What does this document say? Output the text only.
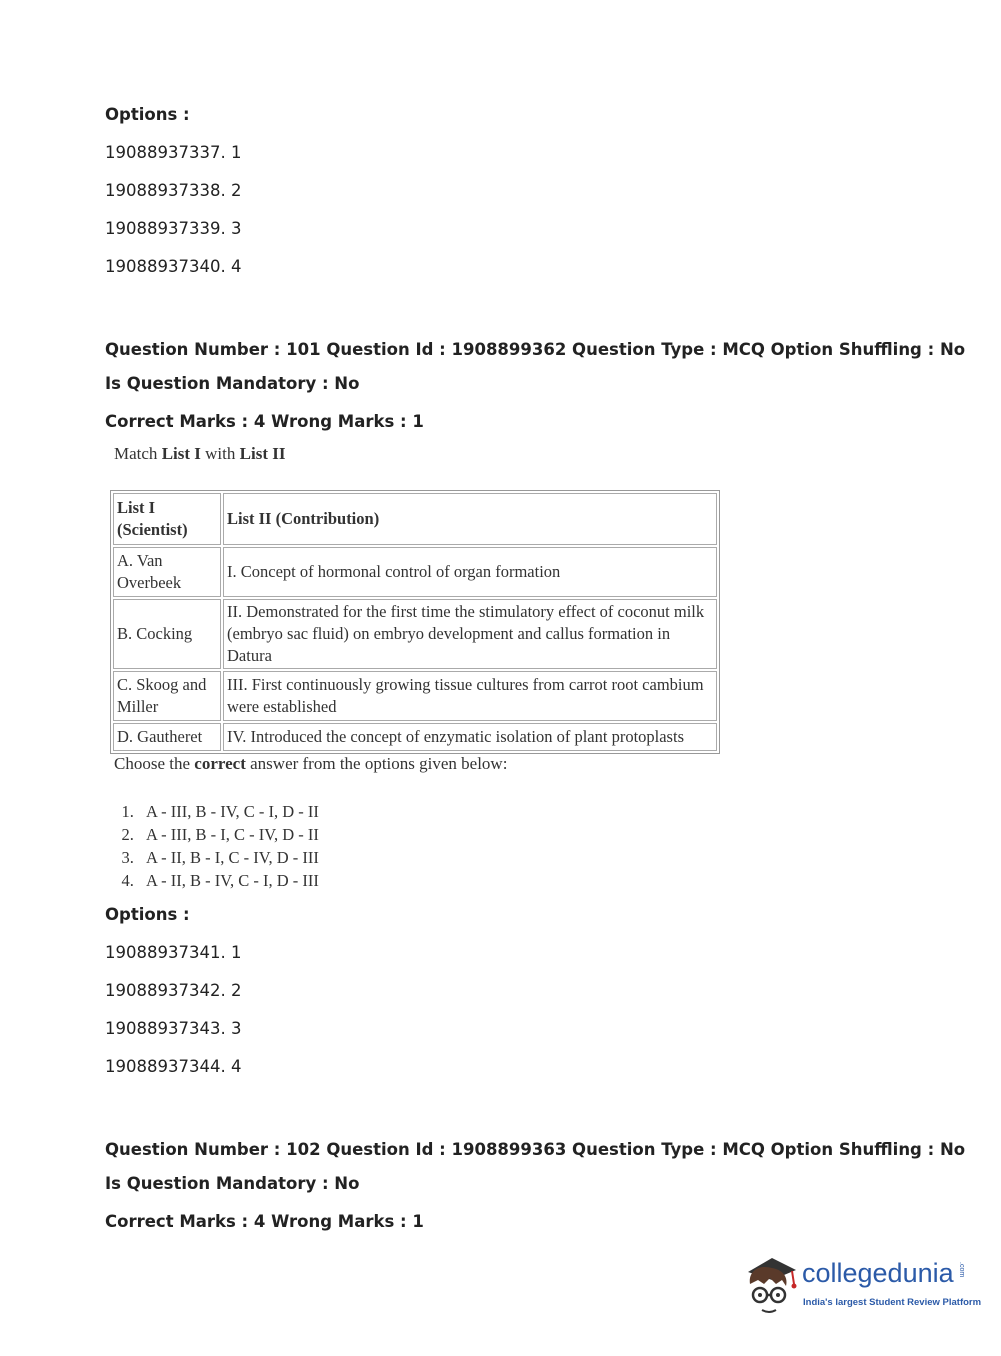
Options :
19088937337. 1
19088937338. 2
19088937339. 3
19088937340. 4
Question Number : 101 Question Id : 1908899362 Question Type : MCQ Option Shuffling : No
Is Question Mandatory : No
Correct Marks : 4 Wrong Marks : 1
Match List I with List II
List I (Scientist)	List II (Contribution)
A. Van Overbeek	I. Concept of hormonal control of organ formation
B. Cocking	II. Demonstrated for the first time the stimulatory effect of coconut milk (embryo sac fluid) on embryo development and callus formation in Datura
C. Skoog and Miller	III. First continuously growing tissue cultures from carrot root cambium were established
D. Gautheret	IV. Introduced the concept of enzymatic isolation of plant protoplasts
Choose the correct answer from the options given below:
1. A - III, B - IV, C - I, D - II
2. A - III, B - I, C - IV, D - II
3. A - II, B - I, C - IV, D - III
4. A - II, B - IV, C - I, D - III
Options :
19088937341. 1
19088937342. 2
19088937343. 3
19088937344. 4
Question Number : 102 Question Id : 1908899363 Question Type : MCQ Option Shuffling : No
Is Question Mandatory : No
Correct Marks : 4 Wrong Marks : 1
collegedunia .com
India's largest Student Review Platform
